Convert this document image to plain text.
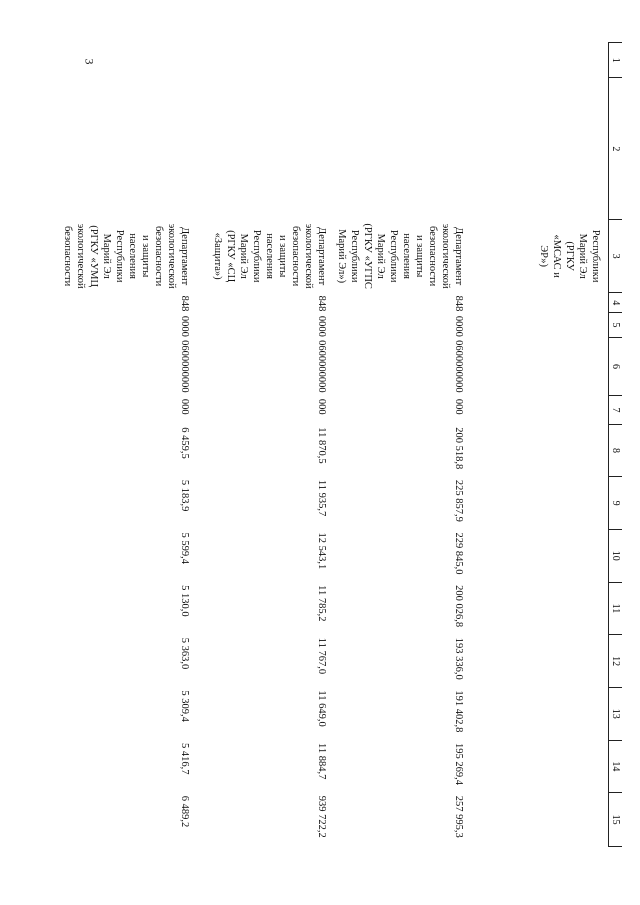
3	1	2	3	4	5	6	7	8	9	10	11	12	13	14	15
		Республики Марий Эл (РГКУ «МСАС и ЭР»)												
		Департамент экологической безопасности и защиты населения Республики Марий Эл (РГКУ «УГПС Республики Марий Эл»)	848	0000	0600000000	000	200 518,8	225 857,9	229 845,0	200 026,8	193 336,0	191 402,8	195 269,4	257 995,3
		Департамент экологической безопасности и защиты населения Республики Марий Эл (РГКУ «СЦ «Защита»)	848	0000	0600000000	000	11 870,5	11 935,7	12 543,1	11 785,2	11 767,0	11 649,0	11 884,7	939 722,2
		Департамент экологической безопасности и защиты населения Республики Марий Эл (РГКУ «УМЦ экологической безопасности	848	0000	0600000000	000	6 459,5	5 183,9	5 599,4	5 130,0	5 363,0	5 309,4	5 416,7	6 489,2
